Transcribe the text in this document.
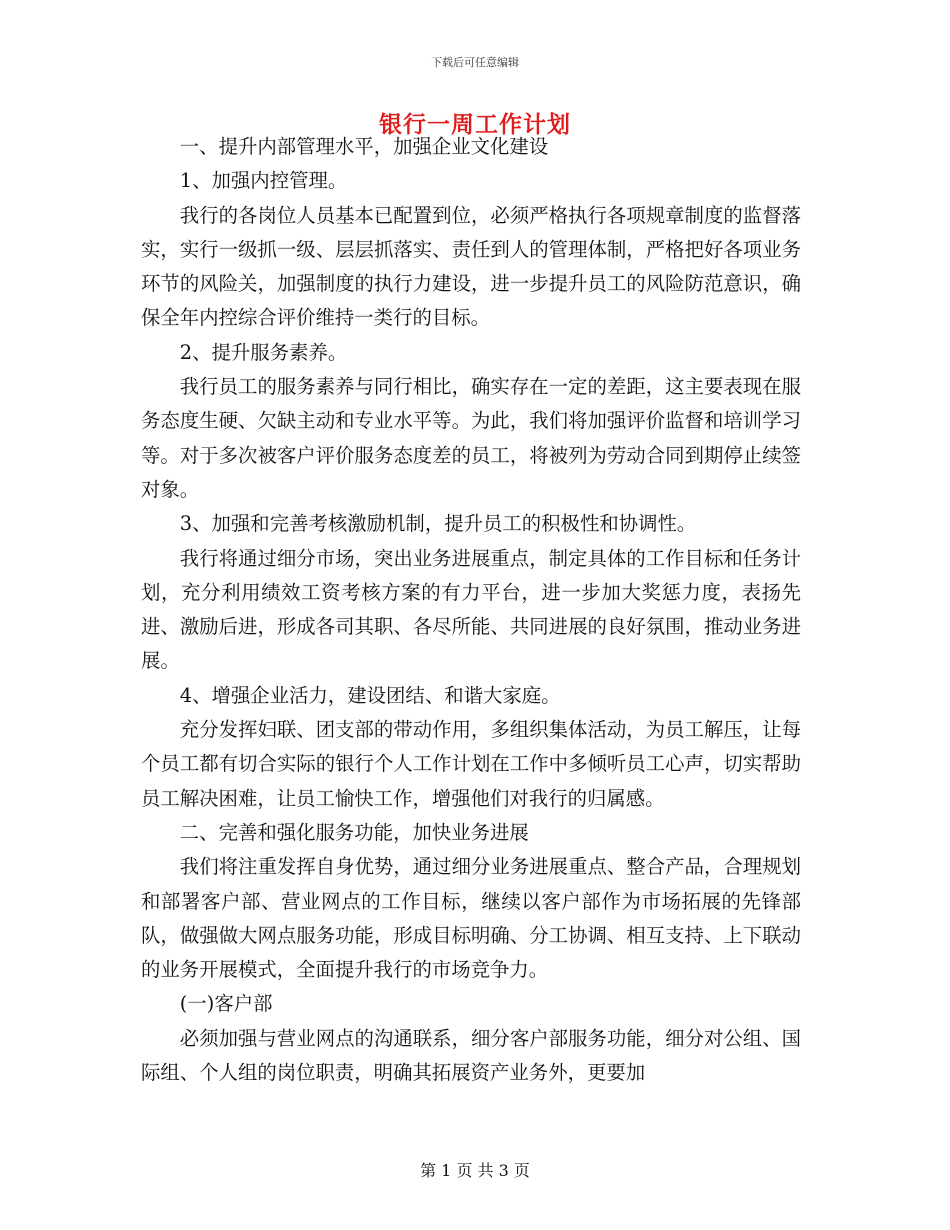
下载后可任意编辑
银行一周工作计划

一、提升内部管理水平，加强企业文化建设

1、加强内控管理。

我行的各岗位人员基本已配置到位，必须严格执行各项规章制度的监督落实，实行一级抓一级、层层抓落实、责任到人的管理体制，严格把好各项业务环节的风险关，加强制度的执行力建设，进一步提升员工的风险防范意识，确保全年内控综合评价维持一类行的目标。

2、提升服务素养。

我行员工的服务素养与同行相比，确实存在一定的差距，这主要表现在服务态度生硬、欠缺主动和专业水平等。为此，我们将加强评价监督和培训学习等。对于多次被客户评价服务态度差的员工，将被列为劳动合同到期停止续签对象。

3、加强和完善考核激励机制，提升员工的积极性和协调性。

我行将通过细分市场，突出业务进展重点，制定具体的工作目标和任务计划，充分利用绩效工资考核方案的有力平台，进一步加大奖惩力度，表扬先进、激励后进，形成各司其职、各尽所能、共同进展的良好氛围，推动业务进展。

4、增强企业活力，建设团结、和谐大家庭。

充分发挥妇联、团支部的带动作用，多组织集体活动，为员工解压，让每个员工都有切合实际的银行个人工作计划在工作中多倾听员工心声，切实帮助员工解决困难，让员工愉快工作，增强他们对我行的归属感。

二、完善和强化服务功能，加快业务进展

我们将注重发挥自身优势，通过细分业务进展重点、整合产品，合理规划和部署客户部、营业网点的工作目标，继续以客户部作为市场拓展的先锋部队，做强做大网点服务功能，形成目标明确、分工协调、相互支持、上下联动的业务开展模式，全面提升我行的市场竞争力。

(一)客户部

必须加强与营业网点的沟通联系，细分客户部服务功能，细分对公组、国际组、个人组的岗位职责，明确其拓展资产业务外，更要加

第 1 页 共 3 页
